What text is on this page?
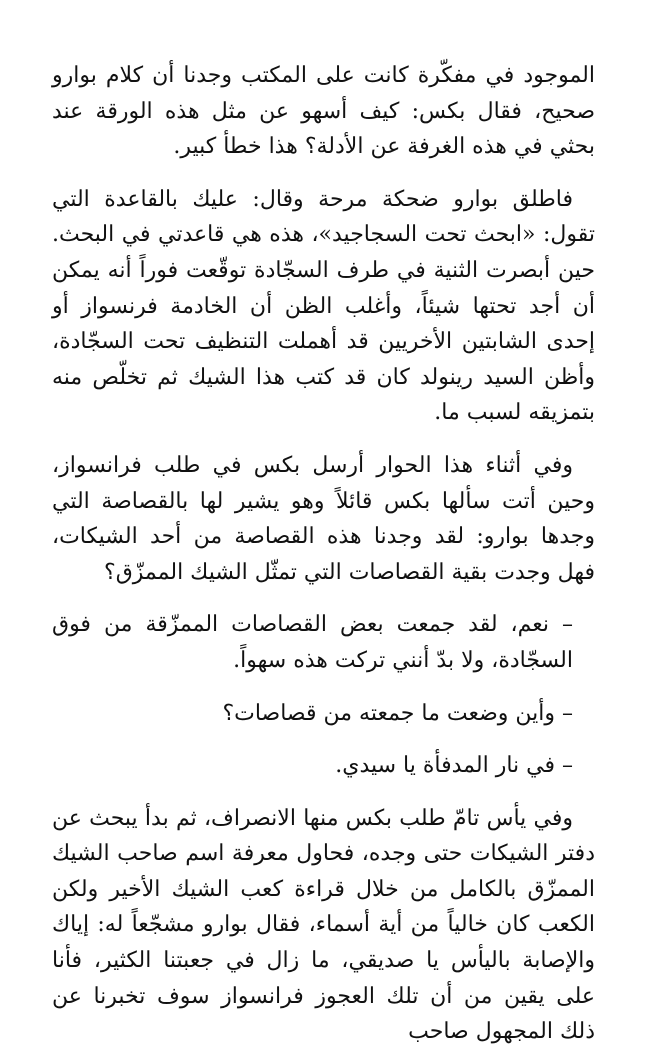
الموجود في مفكّرة كانت على المكتب وجدنا أن كلام بوارو صحيح، فقال بكس: كيف أسهو عن مثل هذه الورقة عند بحثي في هذه الغرفة عن الأدلة؟ هذا خطأ كبير.

فاطلق بوارو ضحكة مرحة وقال: عليك بالقاعدة التي تقول: «ابحث تحت السجاجيد»، هذه هي قاعدتي في البحث. حين أبصرت الثنية في طرف السجّادة توقّعت فوراً أنه يمكن أن أجد تحتها شيئاً، وأغلب الظن أن الخادمة فرنسواز أو إحدى الشابتين الأخريين قد أهملت التنظيف تحت السجّادة، وأظن السيد رينولد كان قد كتب هذا الشيك ثم تخلّص منه بتمزيقه لسبب ما.

وفي أثناء هذا الحوار أرسل بكس في طلب فرانسواز، وحين أتت سألها بكس قائلاً وهو يشير لها بالقصاصة التي وجدها بوارو: لقد وجدنا هذه القصاصة من أحد الشيكات، فهل وجدت بقية القصاصات التي تمثّل الشيك الممزّق؟

– نعم، لقد جمعت بعض القصاصات الممزّقة من فوق السجّادة، ولا بدّ أنني تركت هذه سهواً.

– وأين وضعت ما جمعته من قصاصات؟

– في نار المدفأة يا سيدي.

وفي يأس تامّ طلب بكس منها الانصراف، ثم بدأ يبحث عن دفتر الشيكات حتى وجده، فحاول معرفة اسم صاحب الشيك الممزّق بالكامل من خلال قراءة كعب الشيك الأخير ولكن الكعب كان خالياً من أية أسماء، فقال بوارو مشجّعاً له: إياك والإصابة باليأس يا صديقي، ما زال في جعبتنا الكثير، فأنا على يقين من أن تلك العجوز فرانسواز سوف تخبرنا عن ذلك المجهول صاحب
